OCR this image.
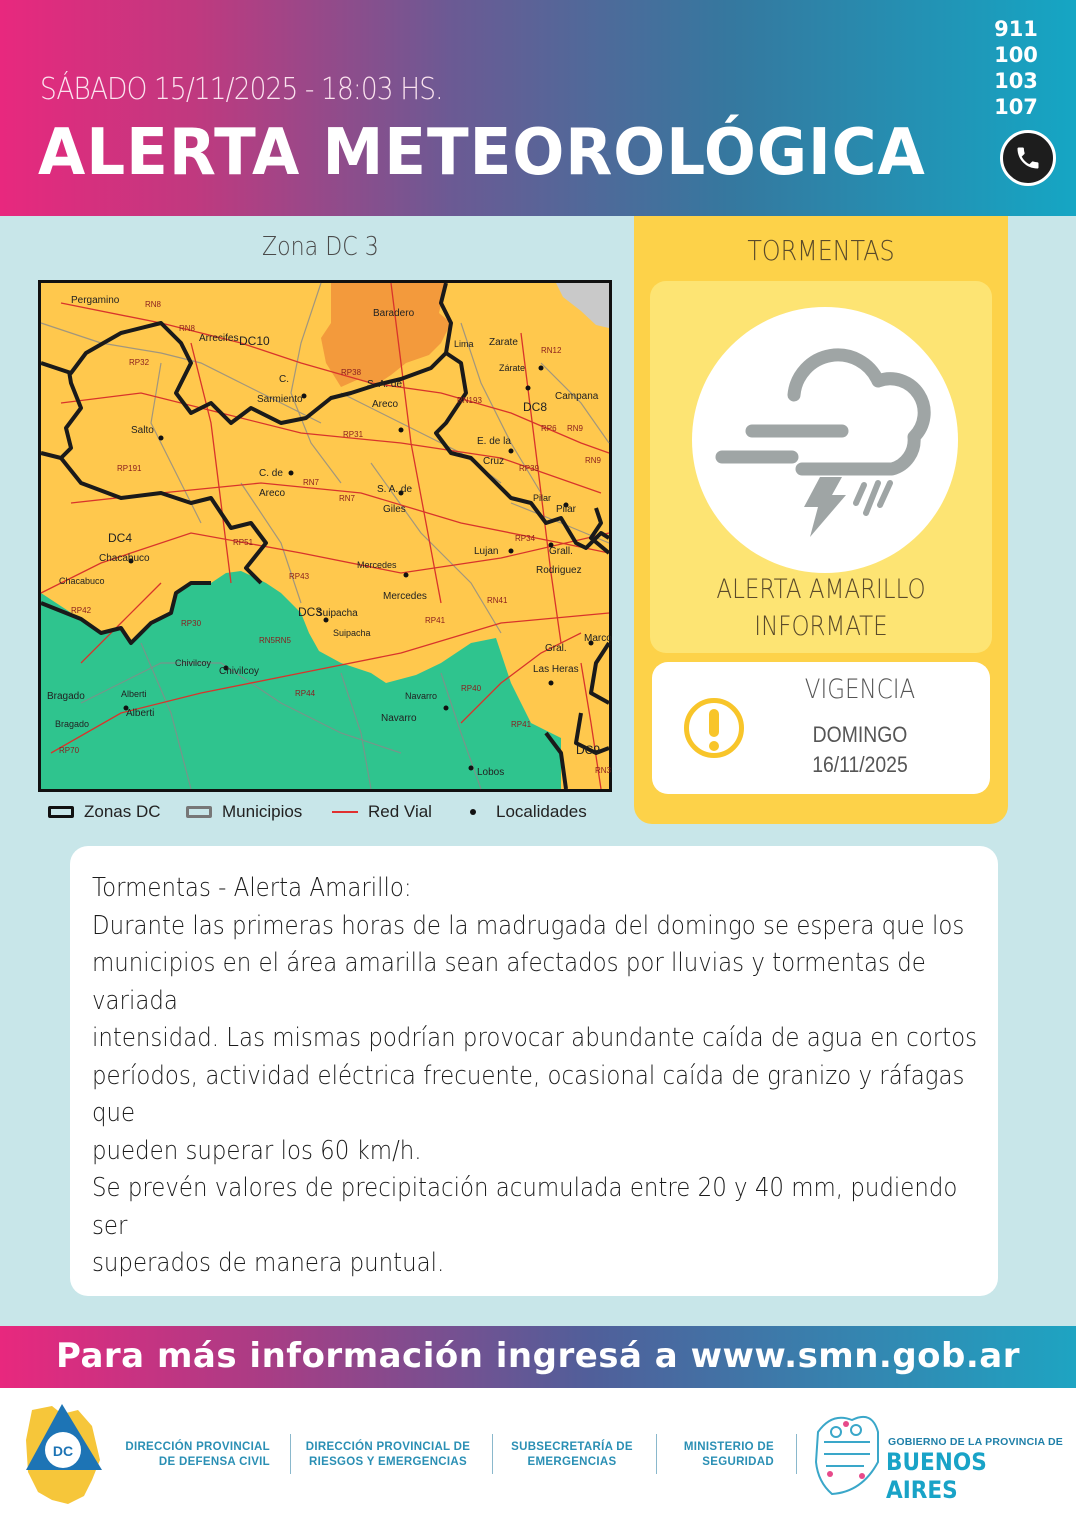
SÁBADO 15/11/2025 - 18:03 HS.
ALERTA METEOROLÓGICA
911
100
103
107
Zona DC 3
Pergamino
Baradero
Arrecifes DC10	Lima Zarate
Zárate
C.
Sarmiento
S. A. de
Areco
Campana
DC8
Salto
E. de la
Cruz
C. de
Areco	S. A. de
Giles
Pilar
Pilar
DC4
Chacabuco
Lujan	Grall.
Rodriguez
Chacabuco
Mercedes
Mercedes
DC3
Suipacha
Suipacha	Marco
Chivilcoy
Chivilcoy
Gral.
Las Heras
Bragado	Alberti
Alberti
Navarro
Navarro
Bragado
DC9
Lobos
RN8
RN8
RP32
RP38
RN12
RN193
RP6 RN9
RP31
RP191	RP39
RN9
RN7
RN7
RP51	RP34
RP43
RP42
RN41
RP30
RN5RN5
RP41
RP44
RP40
RP70
RN3
RP41
Zonas DC	Municipios	Red Vial	Localidades
TORMENTAS
ALERTA AMARILLO
INFORMATE
VIGENCIA
DOMINGO
16/11/2025

Tormentas - Alerta Amarillo:
Durante las primeras horas de la madrugada del domingo se espera que los
municipios en el área amarilla sean afectados por lluvias y tormentas de variada
intensidad. Las mismas podrían provocar abundante caída de agua en cortos
períodos, actividad eléctrica frecuente, ocasional caída de granizo y ráfagas que
pueden superar los 60 km/h.
Se prevén valores de precipitación acumulada entre 20 y 40 mm, pudiendo ser
superados de manera puntual.

Para más información ingresá a www.smn.gob.ar
DC	DIRECCIÓN PROVINCIAL
DE DEFENSA CIVIL
DIRECCIÓN PROVINCIAL DE
RIESGOS Y EMERGENCIAS
SUBSECRETARÍA DE
EMERGENCIAS
MINISTERIO DE
SEGURIDAD
GOBIERNO DE LA PROVINCIA DE
BUENOS AIRES
